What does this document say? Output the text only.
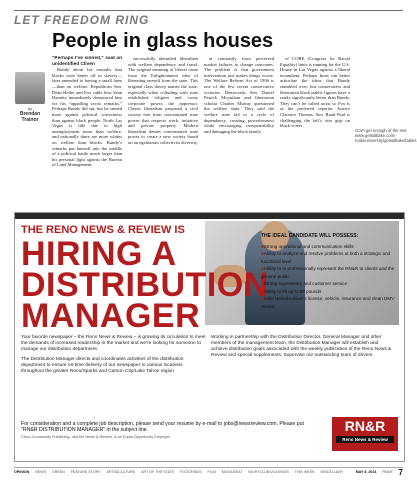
LET FREEDOM RING
People in glass houses
by
Brendan Trainor
“Perhaps I’ve sinned,” said an unidentified Cliven

Bundy about his remarks that blacks were better off in slavery—later amended to having a small farm—than on welfare. Republican Sen. Dean Heller and Fox cable host Sean Hannity immediately denounced him for his “appalling racist remarks.” Perhaps Bundy did sin, but he sinned more against political correctness than against black people. North Las Vegas is idle due to high unemployment more than welfare, and nationally there are more whites on welfare than blacks. Bundy’s remarks put himself into the middle of a political battle much larger than his personal fight against the Bureau of Land Management.

successfully identified liberalism with welfare dependency and fraud. The original meaning of liberal came from the Enlightenment idea of liberating oneself from the state. This original class theory names the state, especially when colluding with state established religion and crony corporate power, the oppressor. Classic liberalism proposed a civil society free from concentrated state power that respects work, initiative and private property. Modern liberalism denies concentrated state power to create a new society based on an egalitarian collectivist diversity.

at constantly from perceived market failures to change outcomes. The problem is that government intervention just makes things worse. The Welfare Reform Act of 1996 is one of the few recent conservative victories. Democratic Sen. Daniel Patrick Moynihan and libertarian scholar Charles Murray questioned the welfare state. They said the welfare state led to a cycle of dependency, creating powerlessness while encouraging irresponsibility and damaging the black family.

of CORE (Congress for Racial Equality) Innis is running for the U.S. House in Las Vegas against a liberal incumbent. Perhaps Innis can better articulate the ideas that Bundy stumbled over, but conservative and libertarian black public figures have a rarely significantly better than Bundy. They can’t be called racist so Fox is as the preferred reporter. Justice Clarence Thomas. Sen. Rand Paul is challenging the left’s vise grip on black voters.

Gov't get enough of the rest www.getsaltlake.com/ makeuniversity/getsaltlake/tables
THE RENO NEWS & REVIEW IS
HIRING A
DISTRIBUTION
MANAGER
THE IDEAL CANDIDATE WILL POSSESS:
■ Strong operational and communication skills
■ Ability to analyze and resolve problems at both a strategic and functional level
■ Ability to to professionally represent the RN&R to clients and the general public
■ Strong supervisory and customer service
■ Ability to lift up to 50 pounds
■ Valid Nevada driver's license, vehicle, insurance and clean DMV record

Your favorite newspaper – the Reno News & Review – is growing its circulation to meet the demands of increased readership in the market and we're looking for someone to manage our distribution department.

The Distribution Manager directs and coordinates activities of the distribution department to ensure on-time delivery of our newspaper to various locations throughout the greater Reno/Sparks and Carson City/Lake Tahoe region.

Working in partnership with the Distribution Director, General Manager and other members of the management team, the Distribution Manager will establish and achieve distribution goals associated with the weekly publication of the Reno News & Review and special supplements. Supervise our outstanding team of drivers.

For consideration and a complete job description, please send your resume by e-mail to jobs@newsreview.com. Please put "RN&R DISTRIBUTION MANAGER" in the subject line.
Chico Community Publishing, dba the News & Review, is an Equal Opportunity Employer
RN&R
Reno News & Review
OPINION NEWS GREEN FEATURE STORY ARTS&CULTURE ART OF THE STATE FOODFINDS FILM MUSICBEAT NIGHTCLUBS/CASINOS THIS WEEK MISCELLANY	MAY 8, 2014 RN&R 7
